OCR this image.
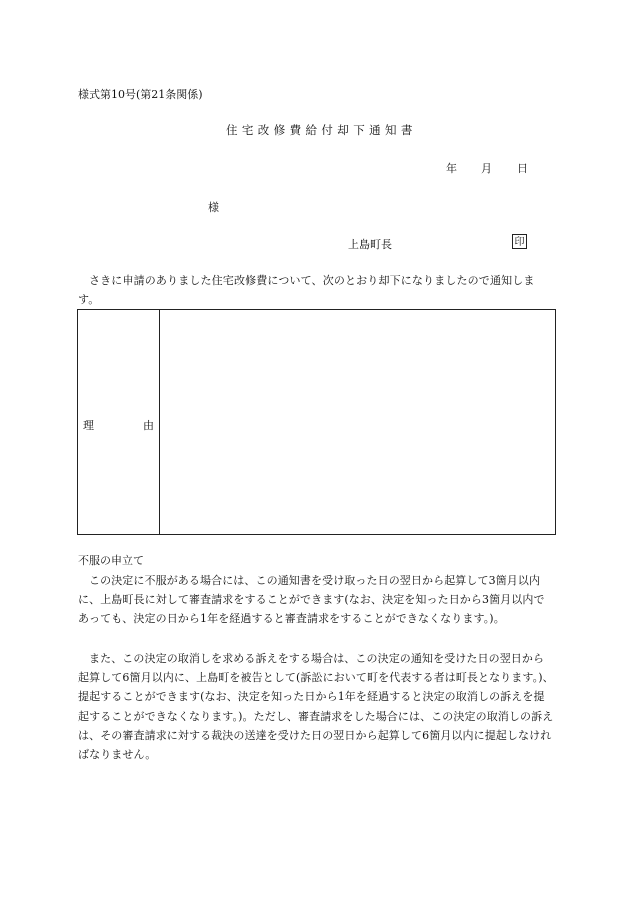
様式第10号(第21条関係)
住宅改修費給付却下通知書
年 月 日
様
上島町長	印
さきに申請のありました住宅改修費について、次のとおり却下になりましたので通知します。
理	由
不服の申立て
この決定に不服がある場合には、この通知書を受け取った日の翌日から起算して3箇月以内に、上島町長に対して審査請求をすることができます(なお、決定を知った日から3箇月以内であっても、決定の日から1年を経過すると審査請求をすることができなくなります。)。
また、この決定の取消しを求める訴えをする場合は、この決定の通知を受けた日の翌日から起算して6箇月以内に、上島町を被告として(訴訟において町を代表する者は町長となります。)、提起することができます(なお、決定を知った日から1年を経過すると決定の取消しの訴えを提起することができなくなります。)。ただし、審査請求をした場合には、この決定の取消しの訴えは、その審査請求に対する裁決の送達を受けた日の翌日から起算して6箇月以内に提起しなければなりません。
